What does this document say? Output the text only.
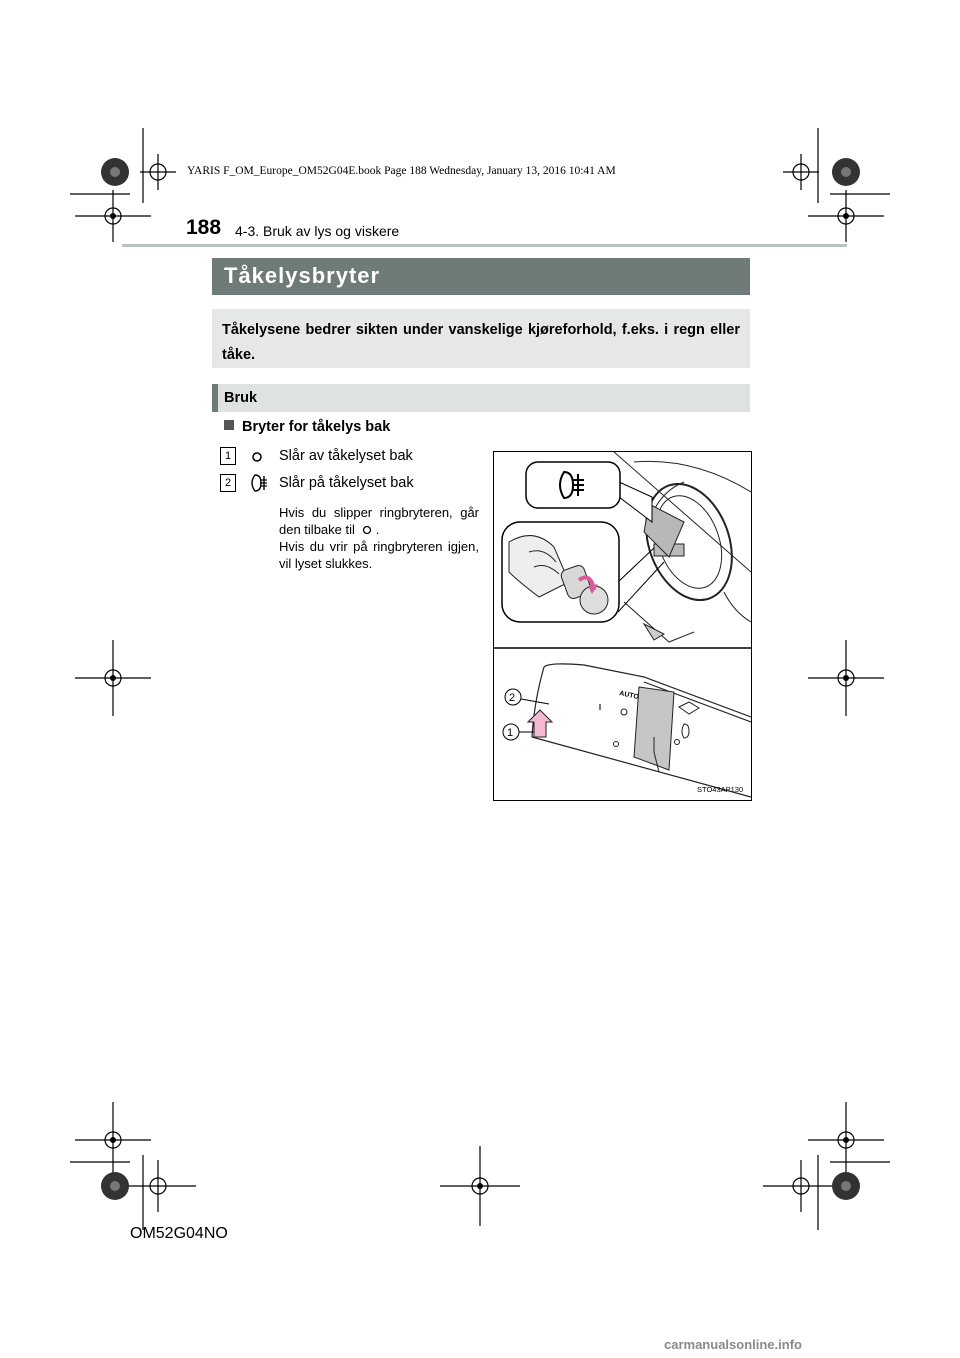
YARIS F_OM_Europe_OM52G04E.book Page 188 Wednesday, January 13, 2016 10:41 AM
188 4-3. Bruk av lys og viskere
Tåkelysbryter

Tåkelysene bedrer sikten under vanskelige kjøreforhold, f.eks. i regn eller tåke.

Bruk
Bryter for tåkelys bak
1	Slår av tåkelyset bak
2	Slår på tåkelyset bak

Hvis du slipper ringbryteren, går den tilbake til .

Hvis du vrir på ringbryteren igjen, vil lyset slukkes.

AUTO
2
1
STO43AP130
OM52G04NO
carmanualsonline.info
